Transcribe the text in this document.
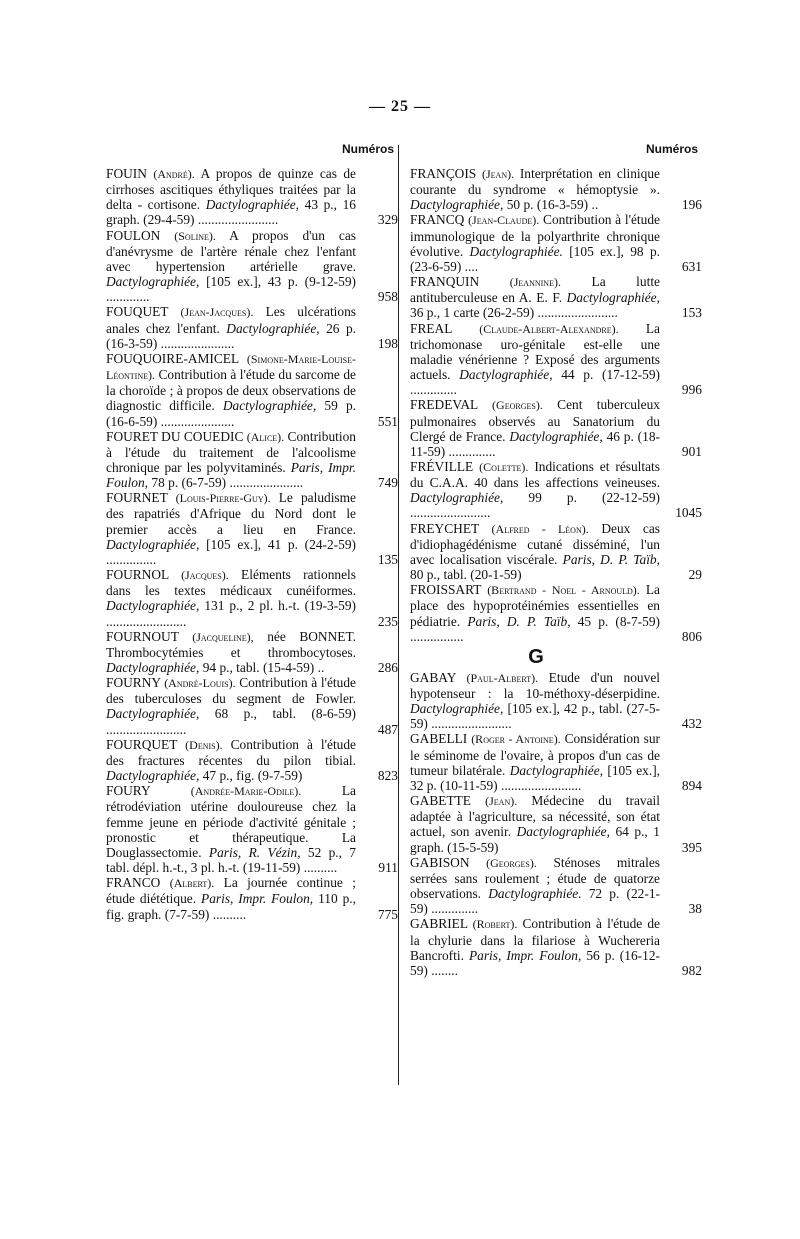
— 25 —
Numéros
FOUIN (André). A propos de quinze cas de cirrhoses ascitiques éthyliques traitées par la delta - cortisone. Dactylographiée, 43 p., 16 graph. (29-4-59) ........................	329
FOULON (Soline). A propos d'un cas d'anévrysme de l'artère rénale chez l'enfant avec hypertension artérielle grave. Dactylographiée, [105 ex.], 43 p. (9-12-59) .............	958
FOUQUET (Jean-Jacques). Les ulcérations anales chez l'enfant. Dactylographiée, 26 p. (16-3-59) ......................	198
FOUQUOIRE-AMICEL (Simone-Marie-Louise-Léontine). Contribution à l'étude du sarcome de la choroïde ; à propos de deux observations de diagnostic difficile. Dactylographiée, 59 p. (16-6-59) ......................	551
FOURET DU COUEDIC (Alice). Contribution à l'étude du traitement de l'alcoolisme chronique par les polyvitaminés. Paris, Impr. Foulon, 78 p. (6-7-59) ......................	749
FOURNET (Louis-Pierre-Guy). Le paludisme des rapatriés d'Afrique du Nord dont le premier accès a lieu en France. Dactylographiée, [105 ex.], 41 p. (24-2-59) ...............	135
FOURNOL (Jacques). Eléments rationnels dans les textes médicaux cunéiformes. Dactylographiée, 131 p., 2 pl. h.-t. (19-3-59) ........................	235
FOURNOUT (Jacqueline), née BONNET. Thrombocytémies et thrombocytoses. Dactylographiée, 94 p., tabl. (15-4-59) ..	286
FOURNY (André-Louis). Contribution à l'étude des tuberculoses du segment de Fowler. Dactylographiée, 68 p., tabl. (8-6-59) ........................	487
FOURQUET (Denis). Contribution à l'étude des fractures récentes du pilon tibial. Dactylographiée, 47 p., fig. (9-7-59)	823
FOURY	(Andrée-Marie-Odile).	La rétrodéviation utérine douloureuse chez la femme jeune en période d'activité génitale ; pronostic et thérapeutique. La Douglassectomie. Paris, R. Vézin, 52 p., 7 tabl. dépl. h.-t., 3 pl. h.-t. (19-11-59) ..........	911
FRANCO (Albert). La journée continue ; étude diététique. Paris, Impr. Foulon, 110 p., fig. graph. (7-7-59) ..........	775
Numéros
FRANÇOIS (Jean). Interprétation en clinique courante du syndrome « hémoptysie ». Dactylographiée, 50 p. (16-3-59) ..	196
FRANCQ (Jean-Claude). Contribution à l'étude immunologique de la polyarthrite chronique évolutive. Dactylographiée. [105 ex.], 98 p. (23-6-59) ....	631
FRANQUIN	(Jeannine). La lutte antituberculeuse en A. E. F. Dactylographiée, 36 p., 1 carte (26-2-59) ........................	153
FREAL (Claude-Albert-Alexandre). La trichomonase uro-génitale est-elle une maladie vénérienne ? Exposé des arguments actuels. Dactylographiée, 44 p. (17-12-59) ..............	996
FREDEVAL (Georges). Cent tuberculeux pulmonaires observés au Sanatorium du Clergé de France. Dactylographiée, 46 p. (18-11-59) ..............	901
FRÉVILLE (Colette). Indications et résultats du C.A.A. 40 dans les affections veineuses. Dactylographiée, 99 p. (22-12-59) ........................	1045
FREYCHET (Alfred - Léon). Deux cas d'idiophagédénisme cutané disséminé, l'un avec localisation viscérale. Paris, D. P. Taïb, 80 p., tabl. (20-1-59)	29
FROISSART (Bertrand - Noel - Arnould). La place des hypoprotéinémies essentielles en pédiatrie. Paris, D. P. Taïb, 45 p. (8-7-59) ................	806
G
GABAY (Paul-Albert). Etude d'un nouvel hypotenseur : la 10-méthoxy-déserpidine. Dactylographiée, [105 ex.], 42 p., tabl. (27-5-59) ........................	432
GABELLI (Roger - Antoine). Considération sur le séminome de l'ovaire, à propos d'un cas de tumeur bilatérale. Dactylographiée, [105 ex.], 32 p. (10-11-59) ........................	894
GABETTE (Jean). Médecine du travail adaptée à l'agriculture, sa nécessité, son état actuel, son avenir. Dactylographiée, 64 p., 1 graph. (15-5-59)	395
GABISON (Georges). Sténoses mitrales serrées sans roulement ; étude de quatorze observations. Dactylographiée. 72 p. (22-1-59) ..............	38
GABRIEL (Robert). Contribution à l'étude de la chylurie dans la filariose à Wuchereria Bancrofti. Paris, Impr. Foulon, 56 p. (16-12-59) ........	982
